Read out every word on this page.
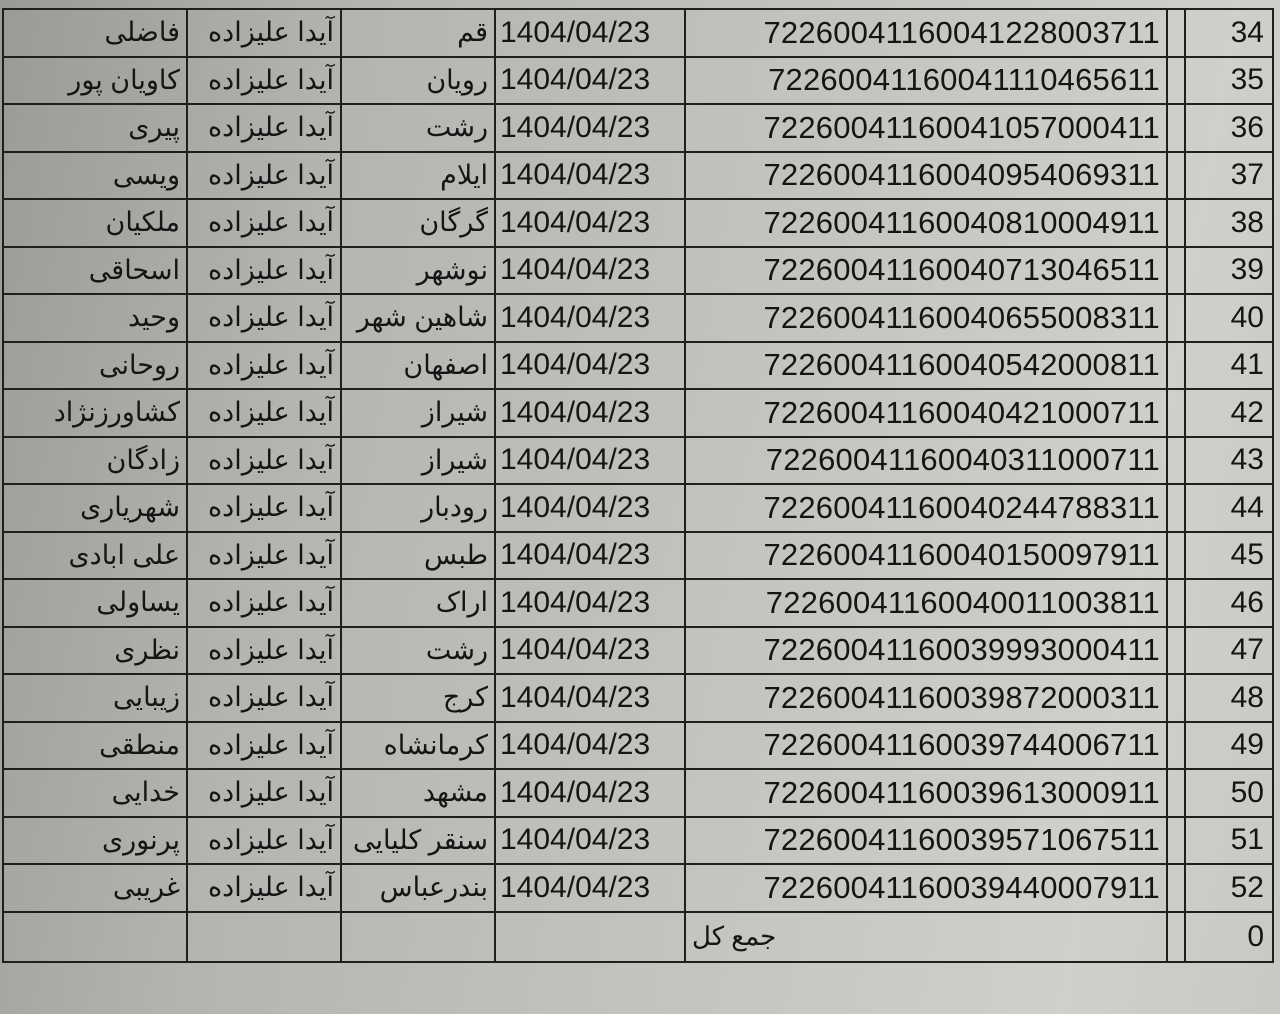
فاضلی	آیدا علیزاده	قم	1404/04/23	72260041160041228003711		34
کاویان پور	آیدا علیزاده	رویان	1404/04/23	72260041160041110465611		35
پیری	آیدا علیزاده	رشت	1404/04/23	72260041160041057000411		36
ویسی	آیدا علیزاده	ایلام	1404/04/23	72260041160040954069311		37
ملکیان	آیدا علیزاده	گرگان	1404/04/23	72260041160040810004911		38
اسحاقی	آیدا علیزاده	نوشهر	1404/04/23	72260041160040713046511		39
وحید	آیدا علیزاده	شاهین شهر	1404/04/23	72260041160040655008311		40
روحانی	آیدا علیزاده	اصفهان	1404/04/23	72260041160040542000811		41
کشاورزنژاد	آیدا علیزاده	شیراز	1404/04/23	72260041160040421000711		42
زادگان	آیدا علیزاده	شیراز	1404/04/23	72260041160040311000711		43
شهریاری	آیدا علیزاده	رودبار	1404/04/23	72260041160040244788311		44
علی ابادی	آیدا علیزاده	طبس	1404/04/23	72260041160040150097911		45
یساولی	آیدا علیزاده	اراک	1404/04/23	72260041160040011003811		46
نظری	آیدا علیزاده	رشت	1404/04/23	72260041160039993000411		47
زیبایی	آیدا علیزاده	کرج	1404/04/23	72260041160039872000311		48
منطقی	آیدا علیزاده	کرمانشاه	1404/04/23	72260041160039744006711		49
خدایی	آیدا علیزاده	مشهد	1404/04/23	72260041160039613000911		50
پرنوری	آیدا علیزاده	سنقر کلیایی	1404/04/23	72260041160039571067511		51
غریبی	آیدا علیزاده	بندرعباس	1404/04/23	72260041160039440007911		52
				جمع کل		0
